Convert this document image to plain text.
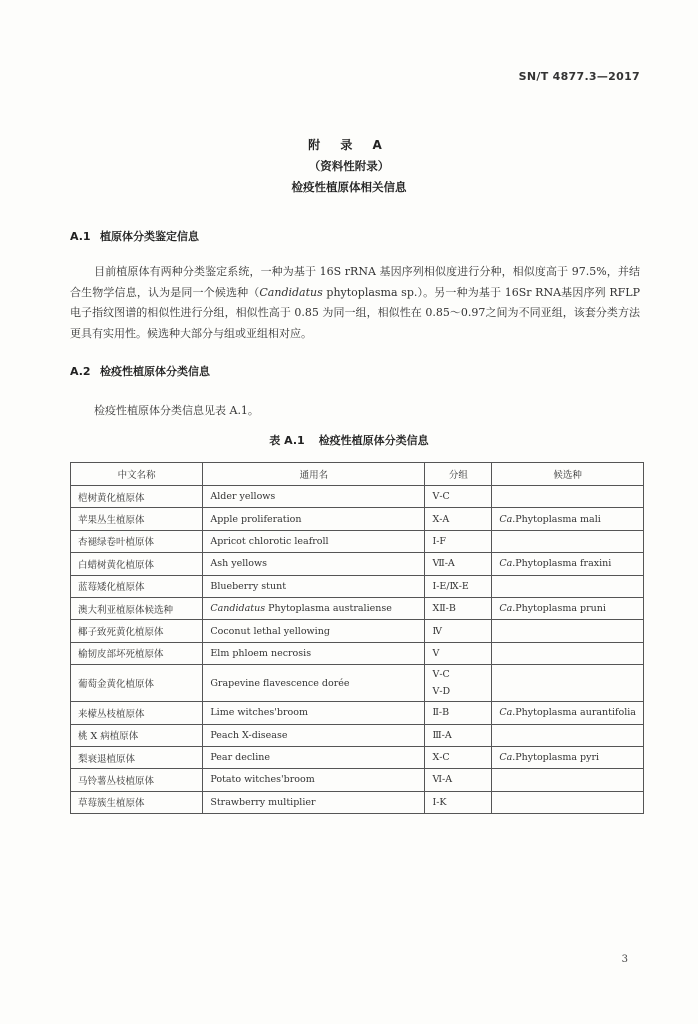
SN/T 4877.3—2017
附 录 A
（资料性附录）
检疫性植原体相关信息
A.1 植原体分类鉴定信息
目前植原体有两种分类鉴定系统，一种为基于 16S rRNA 基因序列相似度进行分种，相似度高于 97.5%，并结合生物学信息，认为是同一个候选种（Candidatus phytoplasma sp.）。另一种为基于 16Sr RNA基因序列 RFLP 电子指纹图谱的相似性进行分组，相似性高于 0.85 为同一组，相似性在 0.85～0.97之间为不同亚组，该套分类方法更具有实用性。候选种大部分与组或亚组相对应。
A.2 检疫性植原体分类信息
检疫性植原体分类信息见表 A.1。
表 A.1 检疫性植原体分类信息
中文名称	通用名	分组	候选种
桤树黄化植原体	Alder yellows	Ⅴ-C	

苹果丛生植原体	Apple proliferation	Ⅹ-A	Ca.Phytoplasma mali
杏褪绿卷叶植原体	Apricot chlorotic leafroll	Ⅰ-F	

白蜡树黄化植原体	Ash yellows	Ⅶ-A	Ca.Phytoplasma fraxini
蓝莓矮化植原体	Blueberry stunt	Ⅰ-E/Ⅸ-E	

澳大利亚植原体候选种	Candidatus Phytoplasma australiense	ⅩⅡ-B	Ca.Phytoplasma pruni
椰子致死黄化植原体	Coconut lethal yellowing	Ⅳ	

榆韧皮部坏死植原体	Elm phloem necrosis	Ⅴ	

葡萄金黄化植原体	Grapevine flavescence dorée	Ⅴ-C
Ⅴ-D	

来檬丛枝植原体	Lime witches'broom	Ⅱ-B	Ca.Phytoplasma aurantifolia
桃 X 病植原体	Peach X-disease	Ⅲ-A	

梨衰退植原体	Pear decline	Ⅹ-C	Ca.Phytoplasma pyri
马铃薯丛枝植原体	Potato witches'broom	Ⅵ-A	

草莓簇生植原体	Strawberry multiplier	Ⅰ-K	

3
